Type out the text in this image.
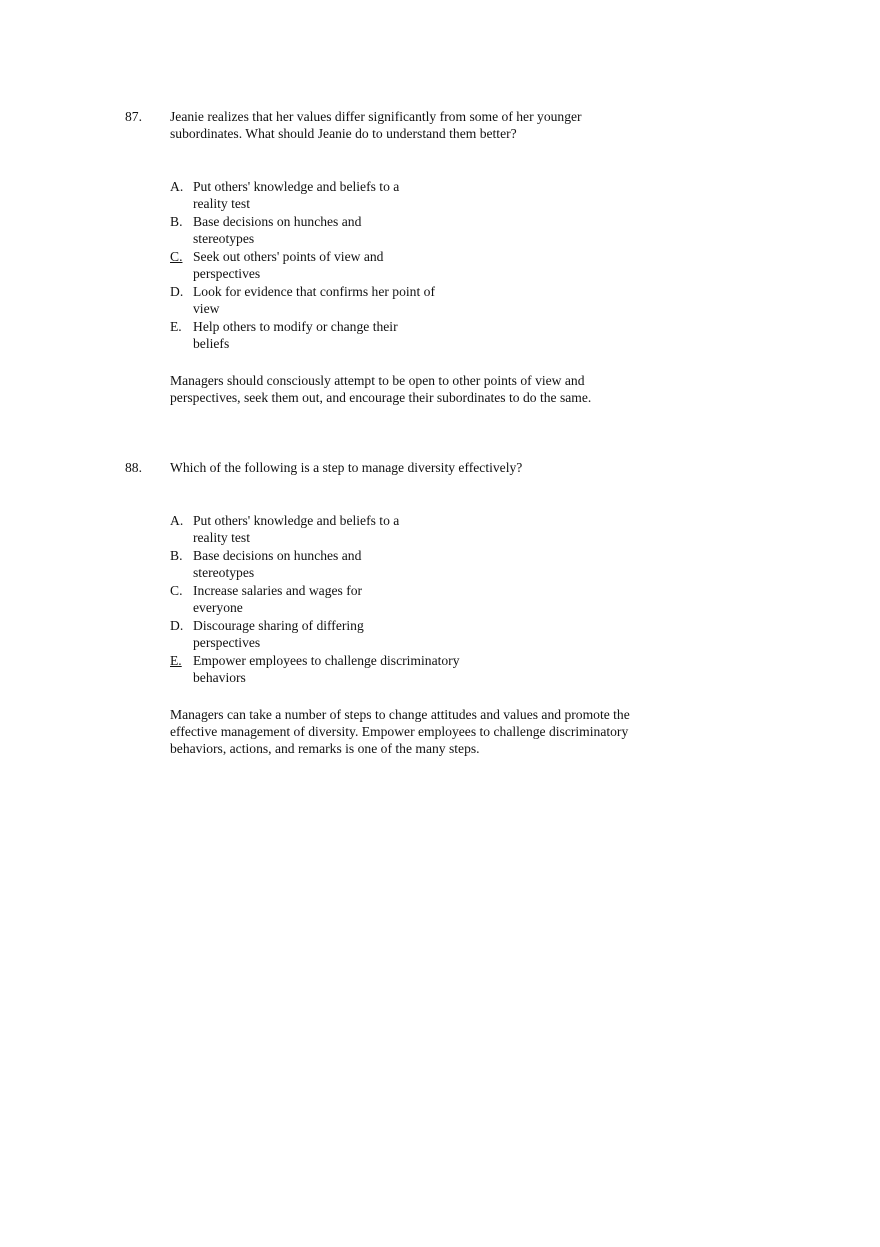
87. Jeanie realizes that her values differ significantly from some of her younger subordinates. What should Jeanie do to understand them better?
A. Put others' knowledge and beliefs to a reality test
B. Base decisions on hunches and stereotypes
C. Seek out others' points of view and perspectives
D. Look for evidence that confirms her point of view
E. Help others to modify or change their beliefs
Managers should consciously attempt to be open to other points of view and perspectives, seek them out, and encourage their subordinates to do the same.
88. Which of the following is a step to manage diversity effectively?
A. Put others' knowledge and beliefs to a reality test
B. Base decisions on hunches and stereotypes
C. Increase salaries and wages for everyone
D. Discourage sharing of differing perspectives
E. Empower employees to challenge discriminatory behaviors
Managers can take a number of steps to change attitudes and values and promote the effective management of diversity. Empower employees to challenge discriminatory behaviors, actions, and remarks is one of the many steps.
